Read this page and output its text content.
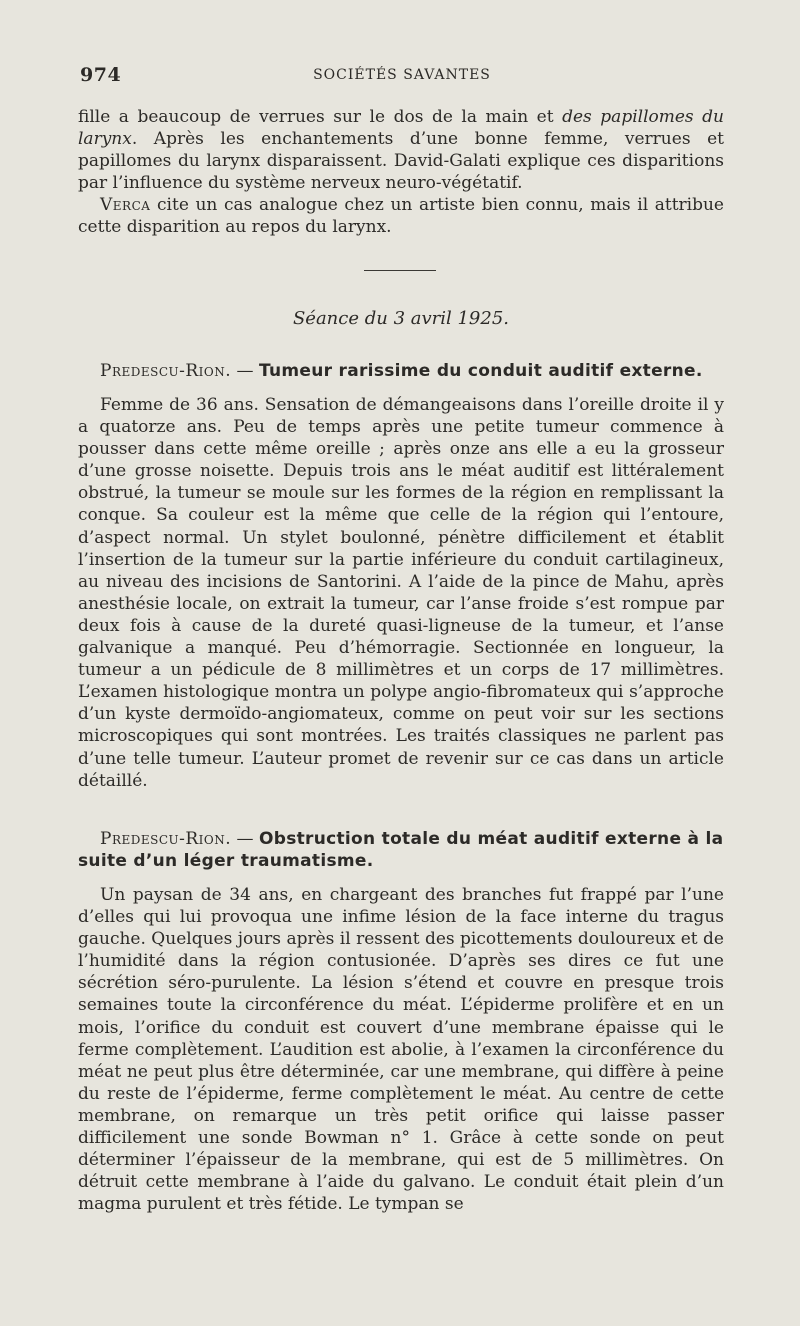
974	SOCIÉTÉS SAVANTES

fille a beaucoup de verrues sur le dos de la main et des papillomes du larynx. Après les enchantements d’une bonne femme, verrues et papillomes du larynx disparaissent. David-Galati explique ces disparitions par l’influence du système nerveux neuro-végétatif.

Verca cite un cas analogue chez un artiste bien connu, mais il attribue cette disparition au repos du larynx.

Séance du 3 avril 1925.

Predescu-Rion. — Tumeur rarissime du conduit auditif externe.

Femme de 36 ans. Sensation de démangeaisons dans l’oreille droite il y a quatorze ans. Peu de temps après une petite tumeur commence à pousser dans cette même oreille ; après onze ans elle a eu la grosseur d’une grosse noisette. Depuis trois ans le méat auditif est littéralement obstrué, la tumeur se moule sur les formes de la région en remplissant la conque. Sa couleur est la même que celle de la région qui l’entoure, d’aspect normal. Un stylet boulonné, pénètre difficilement et établit l’insertion de la tumeur sur la partie inférieure du conduit cartilagineux, au niveau des incisions de Santorini. A l’aide de la pince de Mahu, après anesthésie locale, on extrait la tumeur, car l’anse froide s’est rompue par deux fois à cause de la dureté quasi-ligneuse de la tumeur, et l’anse galvanique a manqué. Peu d’hémorragie. Sectionnée en longueur, la tumeur a un pédicule de 8 millimètres et un corps de 17 millimètres. L’examen histologique montra un polype angio-fibromateux qui s’approche d’un kyste dermoïdo-angiomateux, comme on peut voir sur les sections microscopiques qui sont montrées. Les traités classiques ne parlent pas d’une telle tumeur. L’auteur promet de revenir sur ce cas dans un article détaillé.

Predescu-Rion. — Obstruction totale du méat auditif externe à la suite d’un léger traumatisme.

Un paysan de 34 ans, en chargeant des branches fut frappé par l’une d’elles qui lui provoqua une infime lésion de la face interne du tragus gauche. Quelques jours après il ressent des picottements douloureux et de l’humidité dans la région contusionée. D’après ses dires ce fut une sécrétion séro-purulente. La lésion s’étend et couvre en presque trois semaines toute la circonférence du méat. L’épiderme prolifère et en un mois, l’orifice du conduit est couvert d’une membrane épaisse qui le ferme complètement. L’audition est abolie, à l’examen la circonférence du méat ne peut plus être déterminée, car une membrane, qui diffère à peine du reste de l’épiderme, ferme complètement le méat. Au centre de cette membrane, on remarque un très petit orifice qui laisse passer difficilement une sonde Bowman n° 1. Grâce à cette sonde on peut déterminer l’épaisseur de la membrane, qui est de 5 millimètres. On détruit cette membrane à l’aide du galvano. Le conduit était plein d’un magma purulent et très fétide. Le tympan se
